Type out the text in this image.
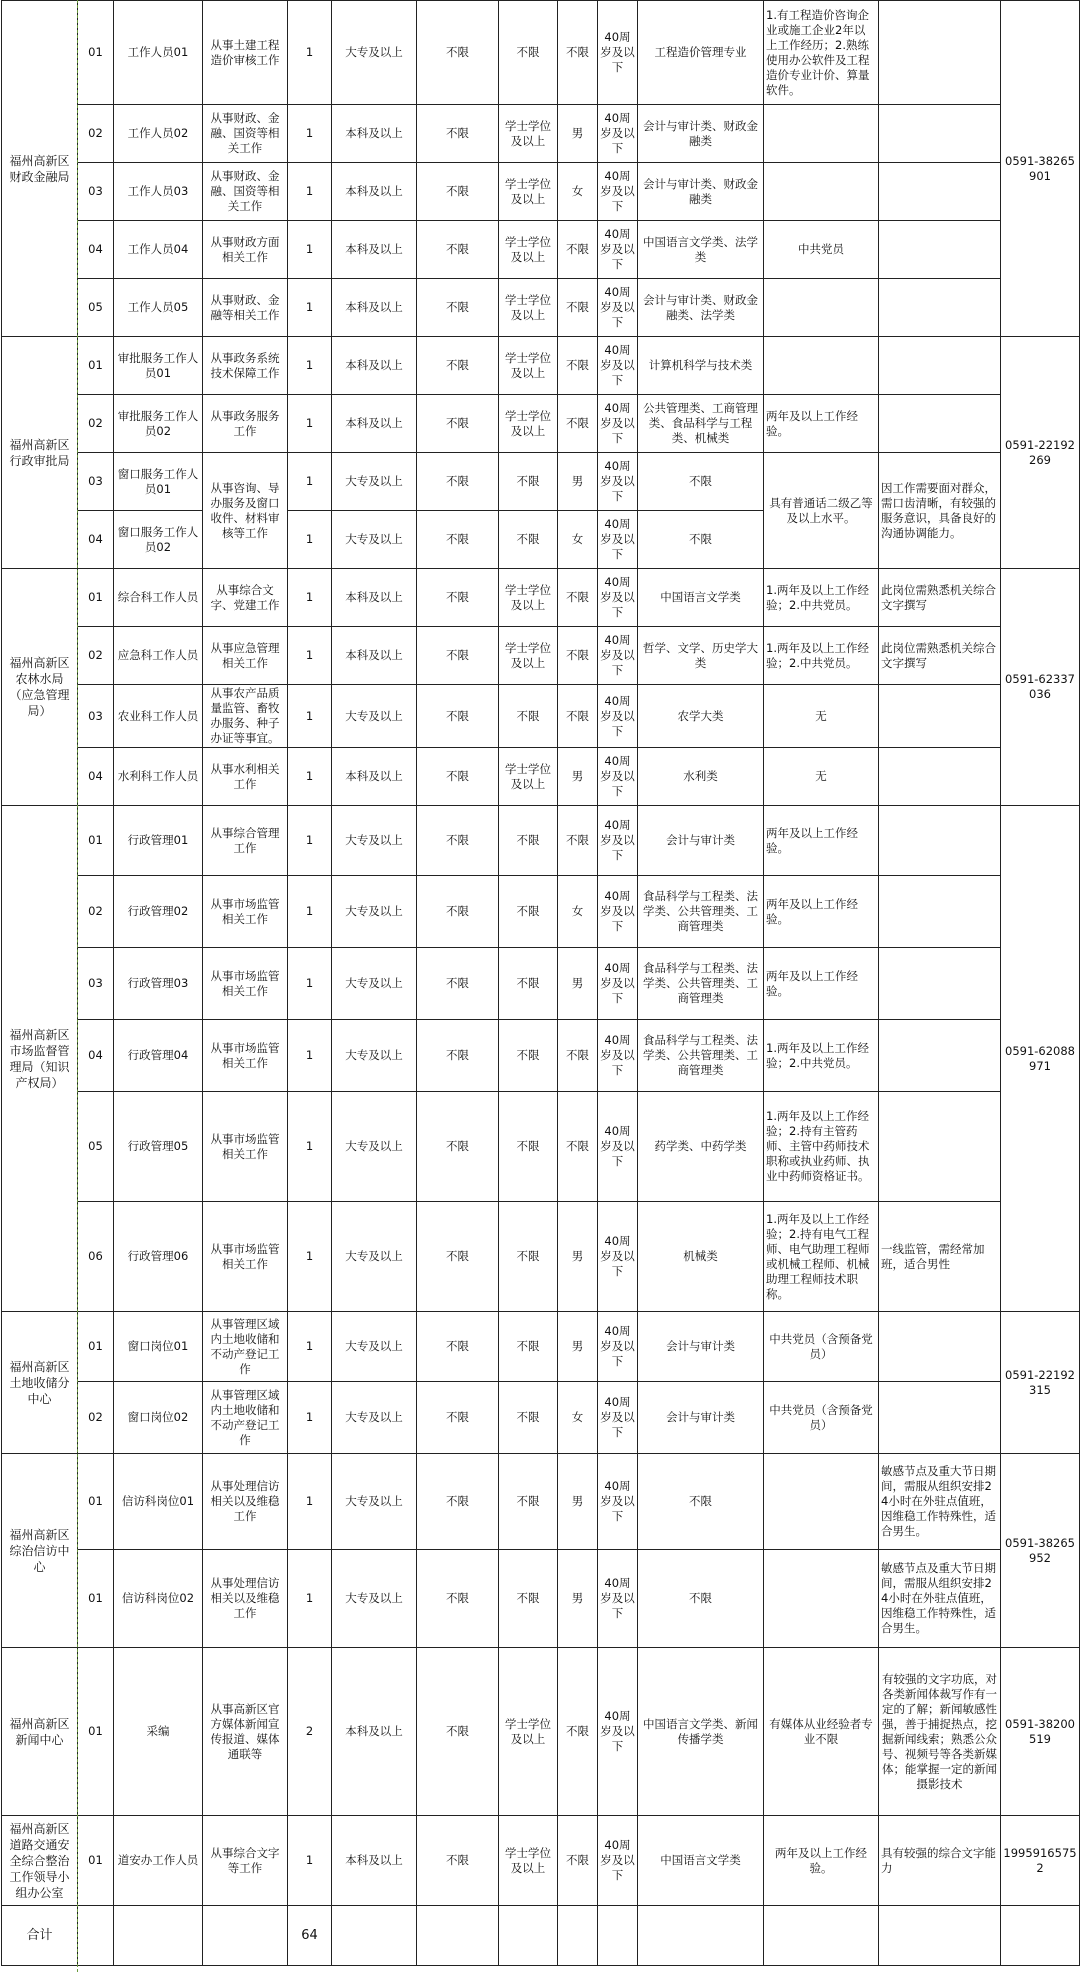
福州高新区财政金融局	01	工作人员01	从事土建工程造价审核工作	1	大专及以上	不限	不限	不限	40周岁及以下	工程造价管理专业	1.有工程造价咨询企业或施工企业2年以上工作经历；2.熟练使用办公软件及工程造价专业计价、算量软件。		0591-38265901
	02	工作人员02	从事财政、金融、国资等相关工作	1	本科及以上	不限	学士学位及以上	男	40周岁及以下	会计与审计类、财政金融类			
	03	工作人员03	从事财政、金融、国资等相关工作	1	本科及以上	不限	学士学位及以上	女	40周岁及以下	会计与审计类、财政金融类			
	04	工作人员04	从事财政方面相关工作	1	本科及以上	不限	学士学位及以上	不限	40周岁及以下	中国语言文学类、法学类	中共党员		
	05	工作人员05	从事财政、金融等相关工作	1	本科及以上	不限	学士学位及以上	不限	40周岁及以下	会计与审计类、财政金融类、法学类			
福州高新区行政审批局	01	审批服务工作人员01	从事政务系统技术保障工作	1	本科及以上	不限	学士学位及以上	不限	40周岁及以下	计算机科学与技术类			0591-22192269
	02	审批服务工作人员02	从事政务服务工作	1	本科及以上	不限	学士学位及以上	不限	40周岁及以下	公共管理类、工商管理类、食品科学与工程类、机械类	两年及以上工作经验。		
	03	窗口服务工作人员01	从事咨询、导办服务及窗口收件、材料审核等工作	1	大专及以上	不限	不限	男	40周岁及以下	不限	具有普通话二级乙等及以上水平。	因工作需要面对群众，需口齿清晰，有较强的服务意识，具备良好的沟通协调能力。	
	04	窗口服务工作人员02		1	大专及以上	不限	不限	女	40周岁及以下	不限			
福州高新区农林水局（应急管理局）	01	综合科工作人员	从事综合文字、党建工作	1	本科及以上	不限	学士学位及以上	不限	40周岁及以下	中国语言文学类	1.两年及以上工作经验；2.中共党员。	此岗位需熟悉机关综合文字撰写	0591-62337036
	02	应急科工作人员	从事应急管理相关工作	1	本科及以上	不限	学士学位及以上	不限	40周岁及以下	哲学、文学、历史学大类	1.两年及以上工作经验；2.中共党员。	此岗位需熟悉机关综合文字撰写	
	03	农业科工作人员	从事农产品质量监管、畜牧办服务、种子办证等事宜。	1	大专及以上	不限	不限	不限	40周岁及以下	农学大类	无		
	04	水利科工作人员	从事水利相关工作	1	本科及以上	不限	学士学位及以上	男	40周岁及以下	水利类	无		
福州高新区市场监督管理局（知识产权局）	01	行政管理01	从事综合管理工作	1	大专及以上	不限	不限	不限	40周岁及以下	会计与审计类	两年及以上工作经验。		0591-62088971
	02	行政管理02	从事市场监管相关工作	1	大专及以上	不限	不限	女	40周岁及以下	食品科学与工程类、法学类、公共管理类、工商管理类	两年及以上工作经验。		
	03	行政管理03	从事市场监管相关工作	1	大专及以上	不限	不限	男	40周岁及以下	食品科学与工程类、法学类、公共管理类、工商管理类	两年及以上工作经验。		
	04	行政管理04	从事市场监管相关工作	1	大专及以上	不限	不限	不限	40周岁及以下	食品科学与工程类、法学类、公共管理类、工商管理类	1.两年及以上工作经验；2.中共党员。		
	05	行政管理05	从事市场监管相关工作	1	大专及以上	不限	不限	不限	40周岁及以下	药学类、中药学类	1.两年及以上工作经验；2.持有主管药师、主管中药师技术职称或执业药师、执业中药师资格证书。		
	06	行政管理06	从事市场监管相关工作	1	大专及以上	不限	不限	男	40周岁及以下	机械类	1.两年及以上工作经验；2.持有电气工程师、电气助理工程师或机械工程师、机械助理工程师技术职称。	一线监管，需经常加班，适合男性	
福州高新区土地收储分中心	01	窗口岗位01	从事管理区域内土地收储和不动产登记工作	1	大专及以上	不限	不限	男	40周岁及以下	会计与审计类	中共党员（含预备党员）		0591-22192315
	02	窗口岗位02	从事管理区域内土地收储和不动产登记工作	1	大专及以上	不限	不限	女	40周岁及以下	会计与审计类	中共党员（含预备党员）		
福州高新区综治信访中心	01	信访科岗位01	从事处理信访相关以及维稳工作	1	大专及以上	不限	不限	男	40周岁及以下	不限		敏感节点及重大节日期间，需服从组织安排24小时在外驻点值班，因维稳工作特殊性，适合男生。	0591-38265952
	01	信访科岗位02	从事处理信访相关以及维稳工作	1	大专及以上	不限	不限	男	40周岁及以下	不限		敏感节点及重大节日期间，需服从组织安排24小时在外驻点值班，因维稳工作特殊性，适合男生。	
福州高新区新闻中心	01	采编	从事高新区官方媒体新闻宣传报道、媒体通联等	2	本科及以上	不限	学士学位及以上	不限	40周岁及以下	中国语言文学类、新闻传播学类	有媒体从业经验者专业不限	有较强的文字功底，对各类新闻体裁写作有一定的了解；新闻敏感性强，善于捕捉热点，挖掘新闻线索；熟悉公众号、视频号等各类新媒体；能掌握一定的新闻摄影技术	0591-38200519
福州高新区道路交通安全综合整治工作领导小组办公室	01	道安办工作人员	从事综合文字等工作	1	本科及以上	不限	学士学位及以上	不限	40周岁及以下	中国语言文学类	两年及以上工作经验。	具有较强的综合文字能力	19959165752
合计				64									
